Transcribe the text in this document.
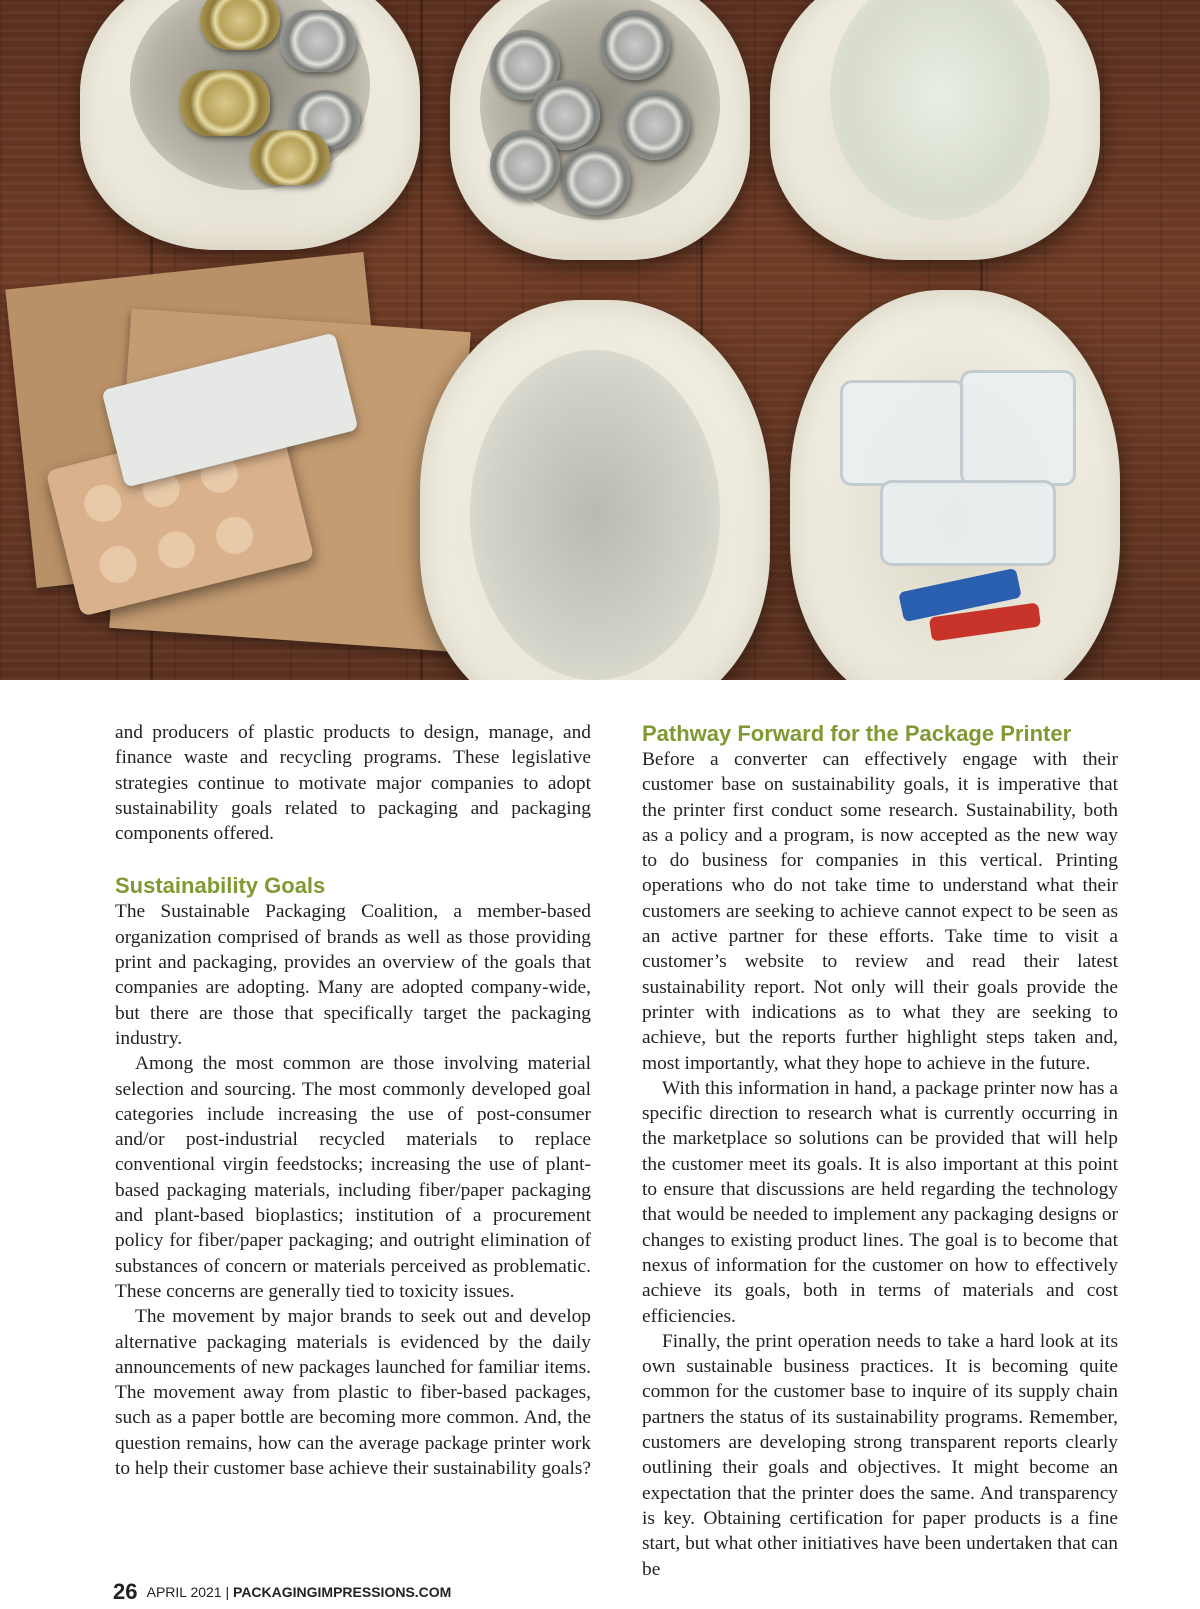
and producers of plastic products to design, manage, and finance waste and recycling programs. These legislative strategies continue to motivate major companies to adopt sustainability goals related to packaging and packaging components offered.

Sustainability Goals

The Sustainable Packaging Coalition, a member-based organization comprised of brands as well as those providing print and packaging, provides an overview of the goals that companies are adopting. Many are adopted company-wide, but there are those that specifically target the packaging industry.

Among the most common are those involving material selection and sourcing. The most commonly developed goal categories include increasing the use of post-consumer and/or post-industrial recycled materials to replace conventional virgin feedstocks; increasing the use of plant-based packaging materials, including fiber/paper packaging and plant-based bioplastics; institution of a procurement policy for fiber/paper packaging; and outright elimination of substances of concern or materials perceived as problematic. These concerns are generally tied to toxicity issues.

The movement by major brands to seek out and develop alternative packaging materials is evidenced by the daily announcements of new packages launched for familiar items. The movement away from plastic to fiber-based packages, such as a paper bottle are becoming more common. And, the question remains, how can the average package printer work to help their customer base achieve their sustainability goals?

Pathway Forward for the Package Printer

Before a converter can effectively engage with their customer base on sustainability goals, it is imperative that the printer first conduct some research. Sustainability, both as a policy and a program, is now accepted as the new way to do business for companies in this vertical. Printing operations who do not take time to understand what their customers are seeking to achieve cannot expect to be seen as an active partner for these efforts. Take time to visit a customer’s website to review and read their latest sustainability report. Not only will their goals provide the printer with indications as to what they are seeking to achieve, but the reports further highlight steps taken and, most importantly, what they hope to achieve in the future.

With this information in hand, a package printer now has a specific direction to research what is currently occurring in the marketplace so solutions can be provided that will help the customer meet its goals. It is also important at this point to ensure that discussions are held regarding the technology that would be needed to implement any packaging designs or changes to existing product lines. The goal is to become that nexus of information for the customer on how to effectively achieve its goals, both in terms of materials and cost efficiencies.

Finally, the print operation needs to take a hard look at its own sustainable business practices. It is becoming quite common for the customer base to inquire of its supply chain partners the status of its sustainability programs. Remember, customers are developing strong transparent reports clearly outlining their goals and objectives. It might become an expectation that the printer does the same. And transparency is key. Obtaining certification for paper products is a fine start, but what other initiatives have been undertaken that can be

26 APRIL 2021 | PACKAGINGIMPRESSIONS.COM
